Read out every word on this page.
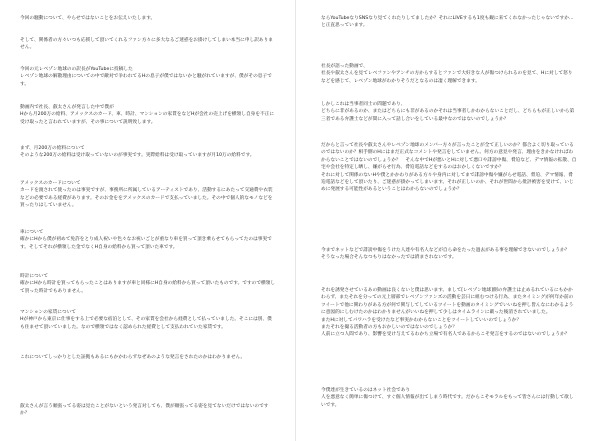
今回の騒動について、やらせではないことをお伝えいたします。

そして、関係者の方々いつも応援して頂いてくれるファン方々に多大なるご迷惑をお掛けしてしまい本当に申し訳ありません。

今回の元レベゾン地球のの訳長がYouTubeに投稿した
レベゾン地球の解散理由についての中で敵対で争われてるHの息子が僕ではないかと騒がれていますが、僕がその息子です。

動画内で社長、叡太さんが発言した中で僕が
Hから月200万の給料、アメックスのカード、車、時計、マンションの家賃をなどHが会社の売上げを横領し自身を不正に受け取ったと言われていますが、その事について説明致します。

まず、月200万の給料について
そのような200万の給料は受け取っていないのが事実です。実際給料は受け取っていますが月10万の給料です。

アメックスのカードについて
カードを渡されて使ったのは事実ですが、事務所に所属しているアーティストであり、活動するにあたって交通費や衣装などの必要である経費があります。そのお金ををアメックスのカードで支払っていました。その中で個人的なモノなどを買ったりはしていません。

車について
確かにHから僕が初めて免許をとり成人祝いや色々なお祝いごとが重なり車を買って頂き乗らせてもらってたのは事実です。そしてそれが横領した金でなくH自身の給料から買って頂いた車です。

時計について
確かにHから時計を買ってもらったことはありますが車と同様にH自身の給料から買って頂いたものです。ですので横領して買った時計でもありません。

マンションの家賃について
Hが神戸から東京に仕事をする上で必要な宿泊として、その家賃を会社から経費として払っていました。そこには別、僕も住ませて頂いていました。なので横領ではなく認められた経費として支払われていた家賃です。

これについてしっかりとした証拠もあるにもかかわらずなぜあのような発言をされたのかはわかりません。

叡太さんが言う順張ってる姿は見たことがないという発言対しても、僕が順張ってる姿を見てないだけではないのですか？

ならYouTubeなりSNSなり見てくれたりしてましたか？それにLIVEするも1度も観に来てくれなかったじゃないですか…と正直思っています。

社長が語った動画で、
社長や叡太さんを見てレベファンやアンチの方からするとファンで大好きな人が傷つけられるのを見て、Hに対して怒りなどを感じて、レベゾン地球がわかりそうだとなるのは凄く理解できます。

しかしこれは当事者同士の問題であり、
どちらに非があるのか、またはどちらにも非があるのかそれは当事者しかわからないことだし、どちらもが正しいから第三者である弁護士などが間に入って話し合いをしている最中なのではないのでしょうか？

だからと言って社長や叡太さんやレベゾン地球のメンバー方々が言ったことが全て正しいのか？都合よく切り取っているのではないのか？相手側のHにはまだ正式なコメントや発言をしていません。何方の意見や発言、理由をきかなければわからないことではないのでしょうか？　そんな中でHが悪いとHに対して悪口や誹謗中傷、脅迫など、デマ情報の拡散、自宅や会社を特定し晒し、嫌がらせ行為、脅迫電話などをするのはおかしくないですか？
それに対して関係のないHや僕とかかわりがある方々や身内に対してまで誹謗中傷や嫌がらせ電話、脅迫、デマ情報、脅迫電話などをして頂いたり、ご迷惑が掛かってしまいます。それが正しいのか、それが世間から批評被害を受けて、いじめに発展する可能性があるということはわからないのでしょうか？

今までネットなどで誹謗中傷をうけた人達や有名人などが自ら命をたった過去がある事を理解できないのでしょうか？
そうなった場合そんなつもりはなかったでは済まされないです。

それを誘発させているあの動画は良くないと僕は思います。まして[レベゾン地球]側の弁護士は止めるれているにもかかわらず、またそれを分っての元上層部でレベゾンファンズの活動を芸日に組むつける行為、またタイミングが何年か前のツイートで他に関わりがある方が何で関与してしているツイートを動画のタイミングでいいねを押し皆んなにわかるように意図的にしむけたのかはわかりませんがいいねを押して少しはタイムラインに載った後消されていました。
またHに対してパワハラを受けたなど事実かわからないことをツイートしていいのでしょうか？
またそれを撮る活動者の方もおかしいのではないのでしょうか？
人前に立つ人間であり、影響を受け与えてるわかち立場で有名人であるからこそ発言をするのではないのでしょうか？

今僕達が生きているのはネット社会であり
人を悪意なく簡単に傷つけて、すぐ個人情報が出てしまう時代です。だからこそモラルをもって皆さんには行動して欲しいです。
